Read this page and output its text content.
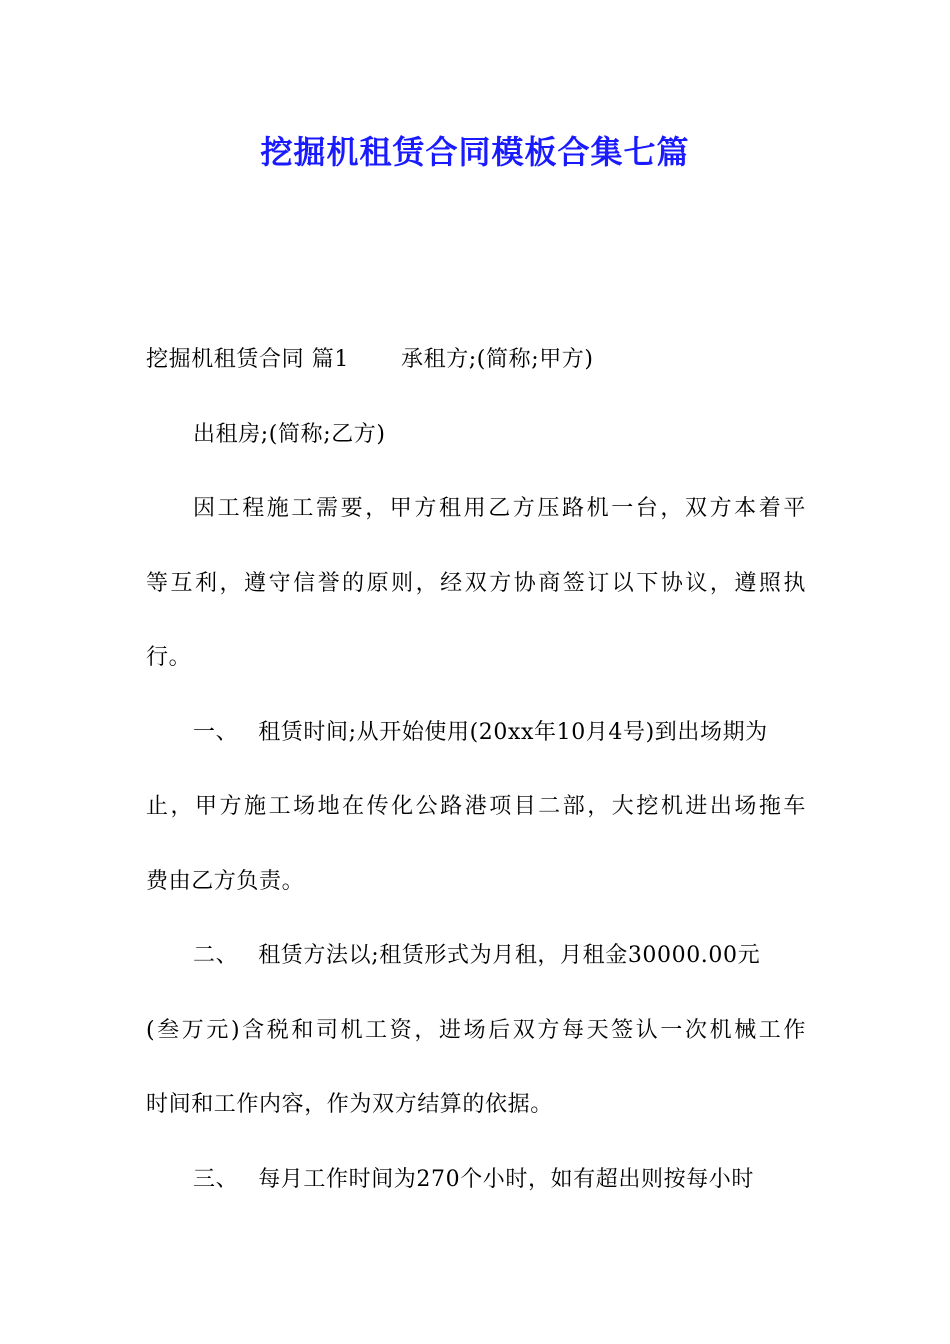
挖掘机租赁合同模板合集七篇
挖掘机租赁合同 篇1 承租方;(简称;甲方)
出租房;(简称;乙方)
因工程施工需要，甲方租用乙方压路机一台，双方本着平
等互利，遵守信誉的原则，经双方协商签订以下协议，遵照执
行。
一、 租赁时间;从开始使用(20xx年10月4号)到出场期为
止，甲方施工场地在传化公路港项目二部，大挖机进出场拖车
费由乙方负责。
二、 租赁方法以;租赁形式为月租，月租金30000.00元
(叁万元)含税和司机工资，进场后双方每天签认一次机械工作
时间和工作内容，作为双方结算的依据。
三、 每月工作时间为270个小时，如有超出则按每小时
